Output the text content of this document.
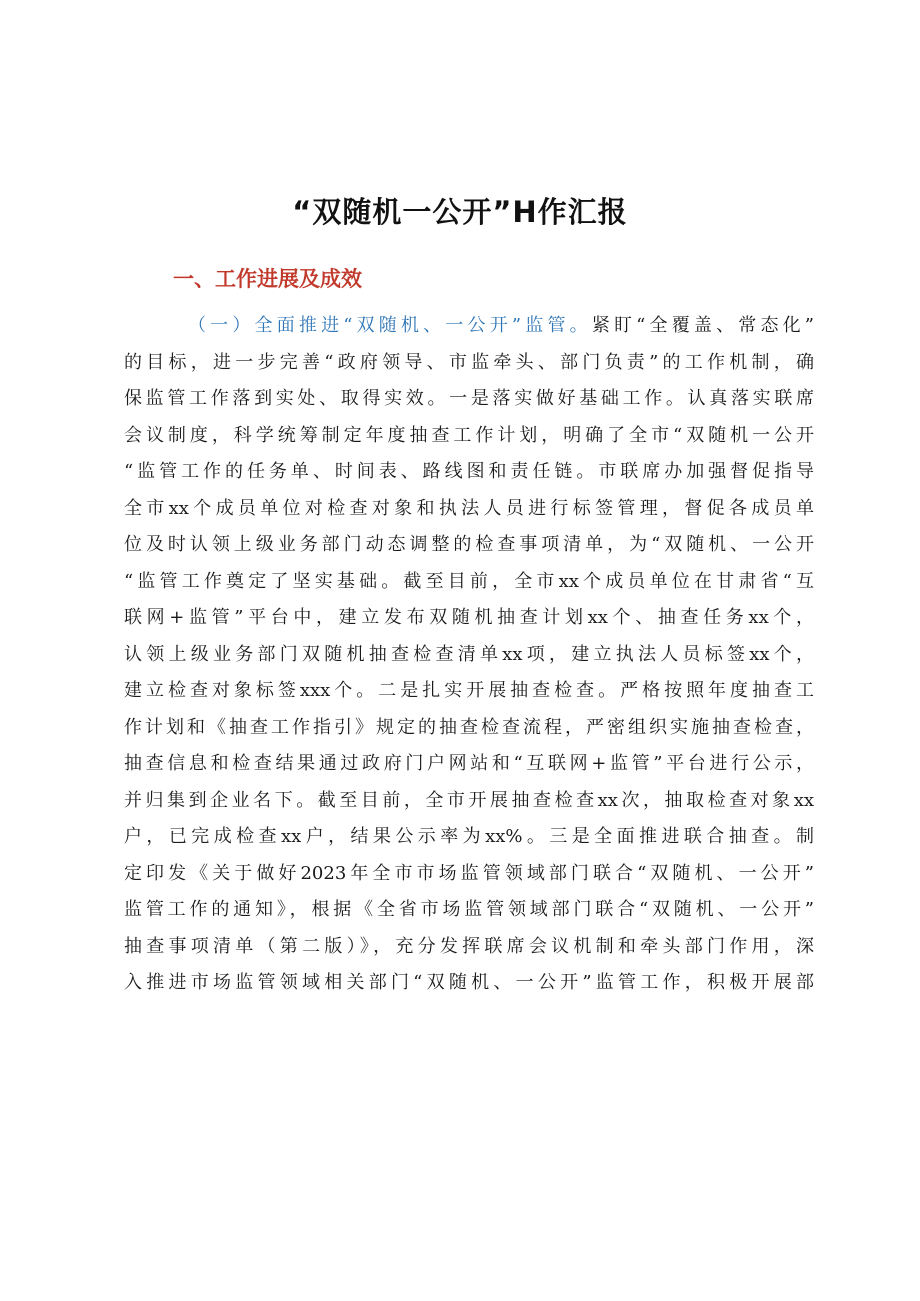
“双随机一公开”H作汇报
一、工作进展及成效
（一）全面推进“双随机、一公开”监管。紧盯“全覆盖、常态化”
的目标，进一步完善“政府领导、市监牵头、部门负责”的工作机制，确
保监管工作落到实处、取得实效。一是落实做好基础工作。认真落实联席
会议制度，科学统筹制定年度抽查工作计划，明确了全市“双随机一公开
“监管工作的任务单、时间表、路线图和责任链。市联席办加强督促指导
全市xx个成员单位对检查对象和执法人员进行标签管理，督促各成员单
位及时认领上级业务部门动态调整的检查事项清单，为“双随机、一公开
“监管工作奠定了坚实基础。截至目前，全市xx个成员单位在甘肃省“互
联网+监管”平台中，建立发布双随机抽查计划xx个、抽查任务xx个，
认领上级业务部门双随机抽查检查清单xx项，建立执法人员标签xx个，
建立检查对象标签xxx个。二是扎实开展抽查检查。严格按照年度抽查工
作计划和《抽查工作指引》规定的抽查检查流程，严密组织实施抽查检查，
抽查信息和检查结果通过政府门户网站和“互联网+监管”平台进行公示，
并归集到企业名下。截至目前，全市开展抽查检查xx次，抽取检查对象xx
户，已完成检查xx户，结果公示率为xx%。三是全面推进联合抽查。制
定印发《关于做好2023年全市市场监管领域部门联合“双随机、一公开”
监管工作的通知》，根据《全省市场监管领域部门联合“双随机、一公开”
抽查事项清单（第二版）》，充分发挥联席会议机制和牵头部门作用，深
入推进市场监管领域相关部门“双随机、一公开”监管工作，积极开展部
